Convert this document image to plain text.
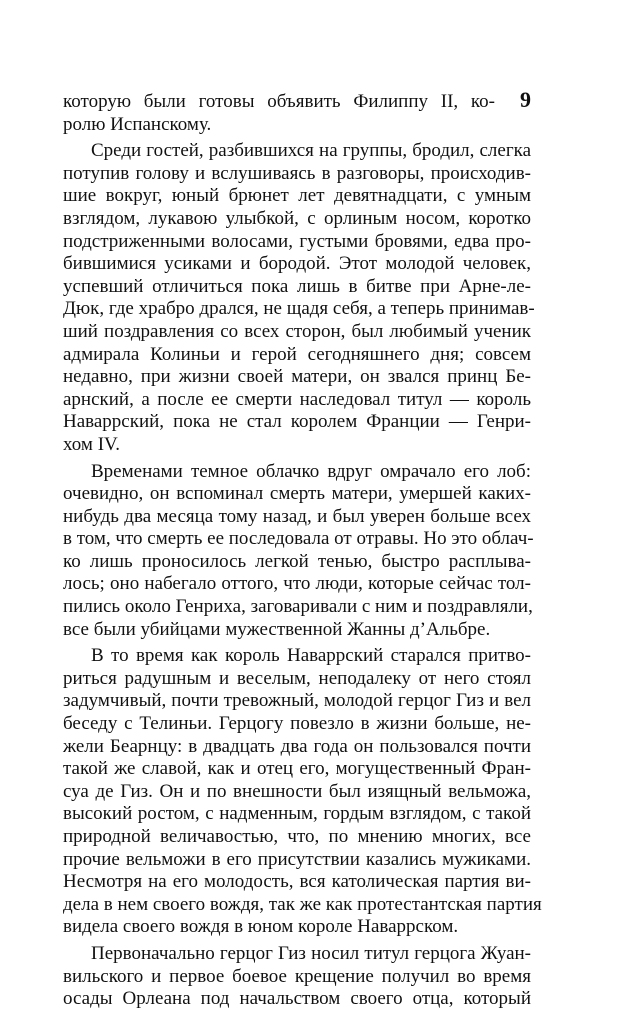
9
которую были готовы объявить Филиппу II, ко-
ролю Испанскому.
Среди гостей, разбившихся на группы, бродил, слегка
потупив голову и вслушиваясь в разговоры, происходив-
шие вокруг, юный брюнет лет девятнадцати, с умным
взглядом, лукавою улыбкой, с орлиным носом, коротко
подстриженными волосами, густыми бровями, едва про-
бившимися усиками и бородой. Этот молодой человек,
успевший отличиться пока лишь в битве при Арне-ле-
Дюк, где храбро дрался, не щадя себя, а теперь принимав-
ший поздравления со всех сторон, был любимый ученик
адмирала Колиньи и герой сегодняшнего дня; совсем
недавно, при жизни своей матери, он звался принц Бе-
арнский, а после ее смерти наследовал титул — король
Наваррский, пока не стал королем Франции — Генри-
хом IV.
Временами темное облачко вдруг омрачало его лоб:
очевидно, он вспоминал смерть матери, умершей каких-
нибудь два месяца тому назад, и был уверен больше всех
в том, что смерть ее последовала от отравы. Но это облач-
ко лишь проносилось легкой тенью, быстро расплыва-
лось; оно набегало оттого, что люди, которые сейчас тол-
пились около Генриха, заговаривали с ним и поздравляли,
все были убийцами мужественной Жанны д’Альбре.
В то время как король Наваррский старался притво-
риться радушным и веселым, неподалеку от него стоял
задумчивый, почти тревожный, молодой герцог Гиз и вел
беседу с Телиньи. Герцогу повезло в жизни больше, не-
жели Беарнцу: в двадцать два года он пользовался почти
такой же славой, как и отец его, могущественный Фран-
суа де Гиз. Он и по внешности был изящный вельможа,
высокий ростом, с надменным, гордым взглядом, с такой
природной величавостью, что, по мнению многих, все
прочие вельможи в его присутствии казались мужиками.
Несмотря на его молодость, вся католическая партия ви-
дела в нем своего вождя, так же как протестантская партия
видела своего вождя в юном короле Наваррском.
Первоначально герцог Гиз носил титул герцога Жуан-
вильского и первое боевое крещение получил во время
осады Орлеана под начальством своего отца, который
